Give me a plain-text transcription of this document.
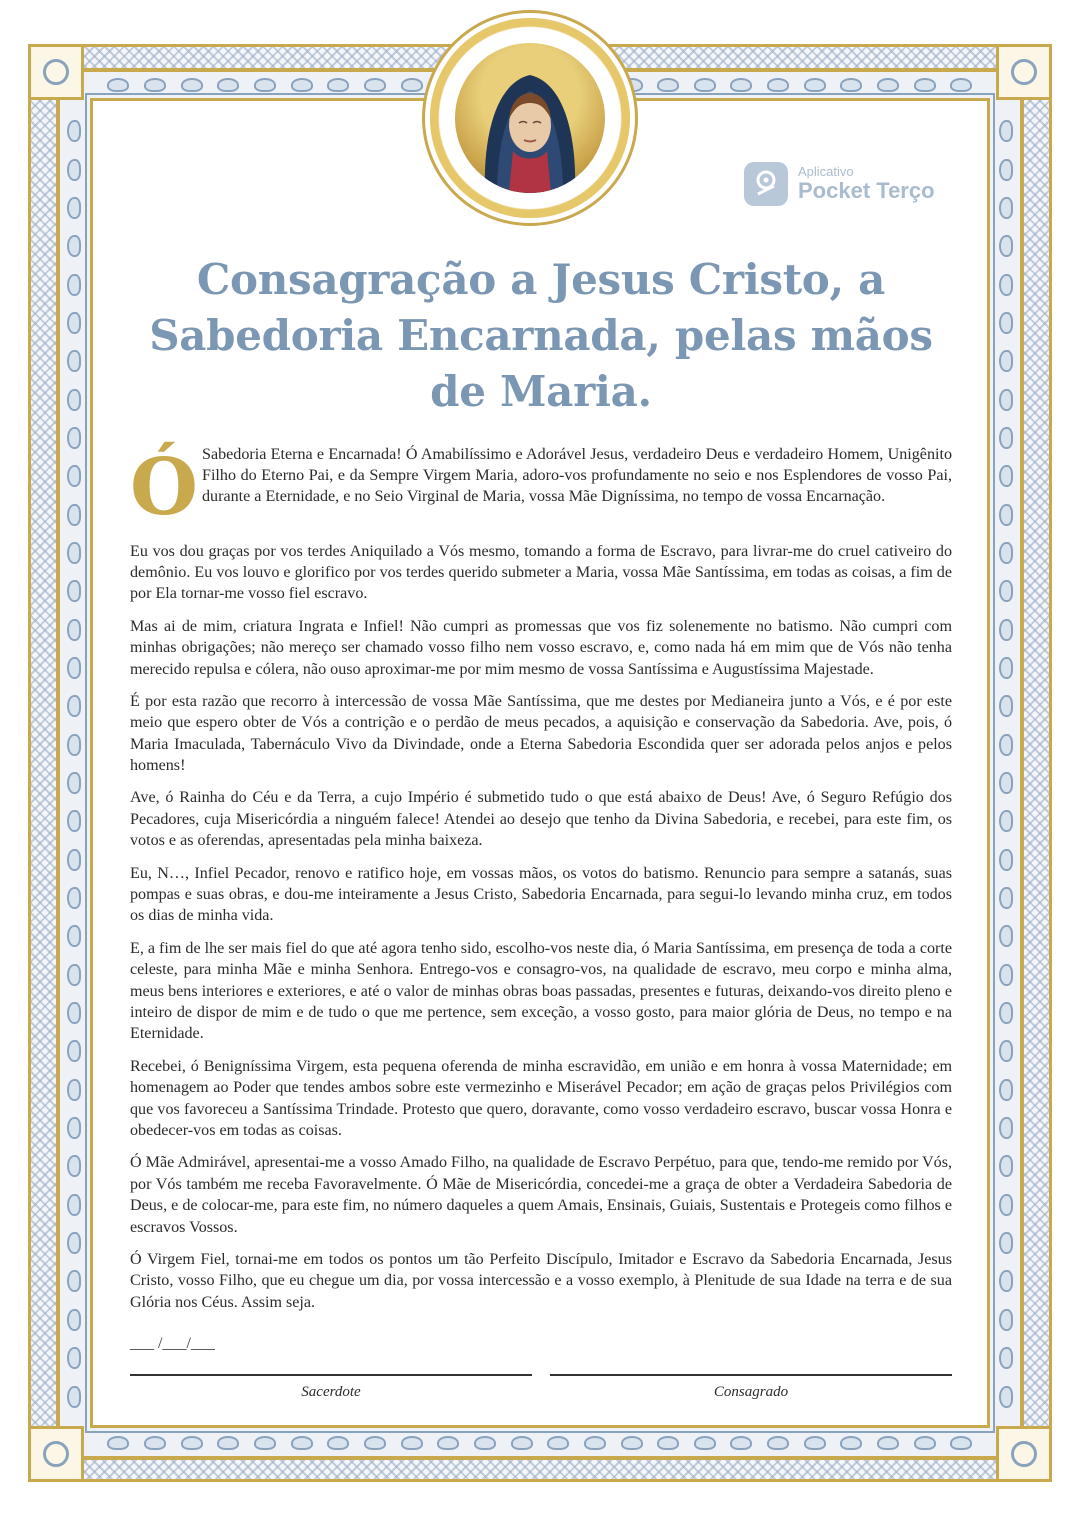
Aplicativo
Pocket Terço
Consagração a Jesus Cristo, a Sabedoria Encarnada, pelas mãos de Maria.

Ó Sabedoria Eterna e Encarnada! Ó Amabilíssimo e Adorável Jesus, verdadeiro Deus e verdadeiro Homem, Unigênito Filho do Eterno Pai, e da Sempre Virgem Maria, adoro-vos profundamente no seio e nos Esplendores de vosso Pai, durante a Eternidade, e no Seio Virginal de Maria, vossa Mãe Digníssima, no tempo de vossa Encarnação.

Eu vos dou graças por vos terdes Aniquilado a Vós mesmo, tomando a forma de Escravo, para livrar-me do cruel cativeiro do demônio. Eu vos louvo e glorifico por vos terdes querido submeter a Maria, vossa Mãe Santíssima, em todas as coisas, a fim de por Ela tornar-me vosso fiel escravo.

Mas ai de mim, criatura Ingrata e Infiel! Não cumpri as promessas que vos fiz solenemente no batismo. Não cumpri com minhas obrigações; não mereço ser chamado vosso filho nem vosso escravo, e, como nada há em mim que de Vós não tenha merecido repulsa e cólera, não ouso aproximar-me por mim mesmo de vossa Santíssima e Augustíssima Majestade.

É por esta razão que recorro à intercessão de vossa Mãe Santíssima, que me destes por Medianeira junto a Vós, e é por este meio que espero obter de Vós a contrição e o perdão de meus pecados, a aquisição e conservação da Sabedoria. Ave, pois, ó Maria Imaculada, Tabernáculo Vivo da Divindade, onde a Eterna Sabedoria Escondida quer ser adorada pelos anjos e pelos homens!

Ave, ó Rainha do Céu e da Terra, a cujo Império é submetido tudo o que está abaixo de Deus! Ave, ó Seguro Refúgio dos Pecadores, cuja Misericórdia a ninguém falece! Atendei ao desejo que tenho da Divina Sabedoria, e recebei, para este fim, os votos e as oferendas, apresentadas pela minha baixeza.

Eu, N…, Infiel Pecador, renovo e ratifico hoje, em vossas mãos, os votos do batismo. Renuncio para sempre a satanás, suas pompas e suas obras, e dou-me inteiramente a Jesus Cristo, Sabedoria Encarnada, para segui-lo levando minha cruz, em todos os dias de minha vida.

E, a fim de lhe ser mais fiel do que até agora tenho sido, escolho-vos neste dia, ó Maria Santíssima, em presença de toda a corte celeste, para minha Mãe e minha Senhora. Entrego-vos e consagro-vos, na qualidade de escravo, meu corpo e minha alma, meus bens interiores e exteriores, e até o valor de minhas obras boas passadas, presentes e futuras, deixando-vos direito pleno e inteiro de dispor de mim e de tudo o que me pertence, sem exceção, a vosso gosto, para maior glória de Deus, no tempo e na Eternidade.

Recebei, ó Benigníssima Virgem, esta pequena oferenda de minha escravidão, em união e em honra à vossa Maternidade; em homenagem ao Poder que tendes ambos sobre este vermezinho e Miserável Pecador; em ação de graças pelos Privilégios com que vos favoreceu a Santíssima Trindade. Protesto que quero, doravante, como vosso verdadeiro escravo, buscar vossa Honra e obedecer-vos em todas as coisas.

Ó Mãe Admirável, apresentai-me a vosso Amado Filho, na qualidade de Escravo Perpétuo, para que, tendo-me remido por Vós, por Vós também me receba Favoravelmente. Ó Mãe de Misericórdia, concedei-me a graça de obter a Verdadeira Sabedoria de Deus, e de colocar-me, para este fim, no número daqueles a quem Amais, Ensinais, Guiais, Sustentais e Protegeis como filhos e escravos Vossos.

Ó Virgem Fiel, tornai-me em todos os pontos um tão Perfeito Discípulo, Imitador e Escravo da Sabedoria Encarnada, Jesus Cristo, vosso Filho, que eu chegue um dia, por vossa intercessão e a vosso exemplo, à Plenitude de sua Idade na terra e de sua Glória nos Céus. Assim seja.

___ /___/___
Sacerdote	Consagrado
